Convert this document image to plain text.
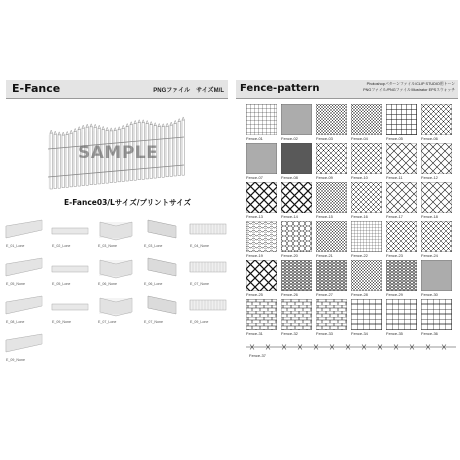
E-Fance	PNGファイル　サイズM/L
SAMPLE
E-Fance03/Lサイズ/プリントサイズ
E_01_Lone	E_02_Lone	E_03_None	E_03_Lone	E_04_None
E_05_None	E_05_Lone	E_06_None	E_06_Lone	E_07_None
E_08_Lone	E_09_None	E_07_Lone	E_07_None	E_09_Lone
E_09_None
Fence-pattern	Photoshopパターンファイル/CLIP STUDIO用トーン
PNGファイル/PNGファイル/Illustrator EPSスウォッチ
Fence-01	Fence-02	Fence-03	Fence-04	Fence-05	Fence-06
Fence-07	Fence-08	Fence-09	Fence-10	Fence-11	Fence-12
Fence-13	Fence-14	Fence-15	Fence-16	Fence-17	Fence-18
Fence-19	Fence-20	Fence-21	Fence-22	Fence-23	Fence-24
Fence-25	Fence-26	Fence-27	Fence-28	Fence-29	Fence-30
Fence-31	Fence-32	Fence-33	Fence-34	Fence-35	Fence-36
Fence-37
